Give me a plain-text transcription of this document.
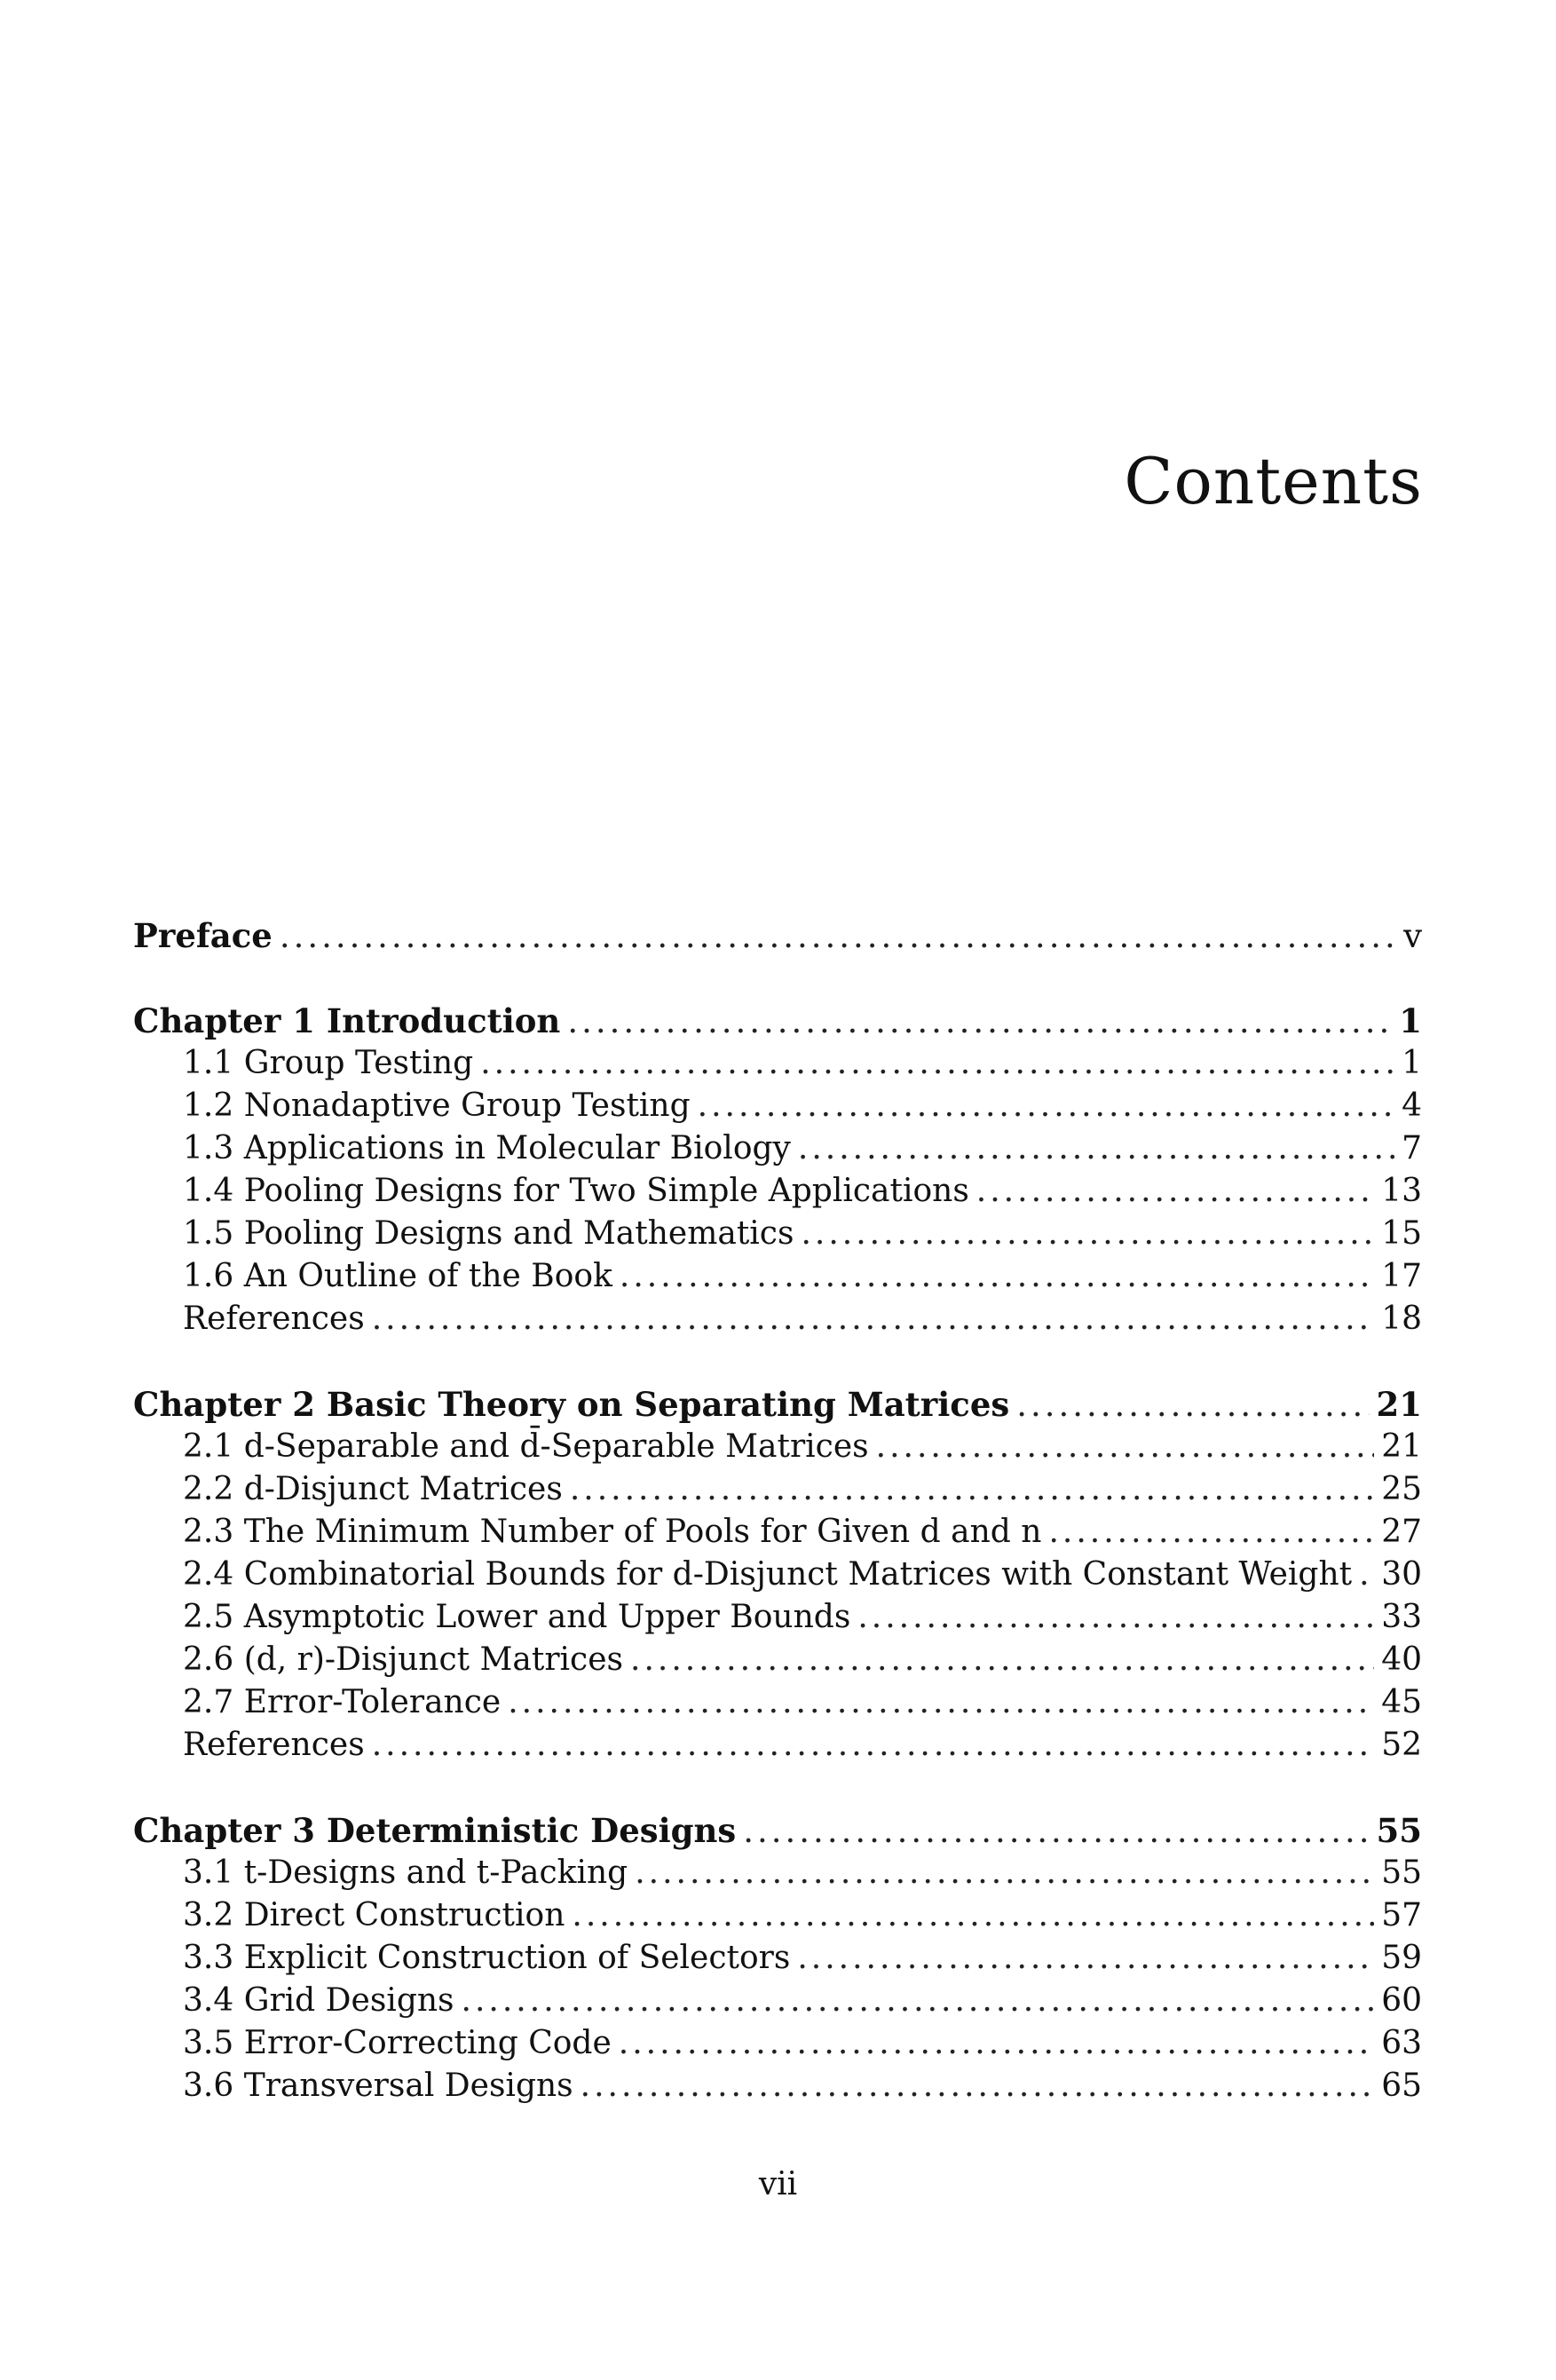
Contents
Preface .....	v
Chapter 1 Introduction .....	1
1.1 Group Testing .....	1
1.2 Nonadaptive Group Testing .....	4
1.3 Applications in Molecular Biology .....	7
1.4 Pooling Designs for Two Simple Applications .....	13
1.5 Pooling Designs and Mathematics .....	15
1.6 An Outline of the Book .....	17
References .....	18
Chapter 2 Basic Theory on Separating Matrices .....	21
2.1 d-Separable and d̄-Separable Matrices .....	21
2.2 d-Disjunct Matrices .....	25
2.3 The Minimum Number of Pools for Given d and n .....	27
2.4 Combinatorial Bounds for d-Disjunct Matrices with Constant Weight ..... 30
2.5 Asymptotic Lower and Upper Bounds .....	33
2.6 (d, r)-Disjunct Matrices .....	40
2.7 Error-Tolerance .....	45
References .....	52
Chapter 3 Deterministic Designs .....	55
3.1 t-Designs and t-Packing .....	55
3.2 Direct Construction .....	57
3.3 Explicit Construction of Selectors .....	59
3.4 Grid Designs .....	60
3.5 Error-Correcting Code .....	63
3.6 Transversal Designs .....	65
vii
